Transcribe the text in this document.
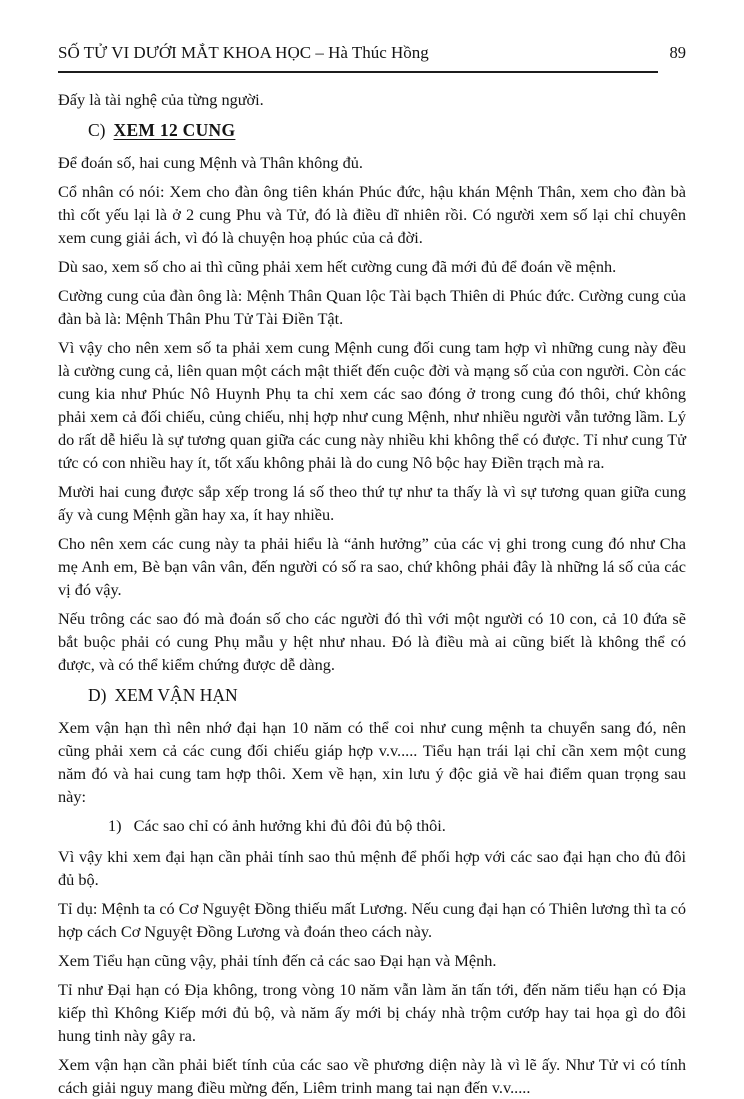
SỐ TỬ VI DƯỚI MẮT KHOA HỌC – Hà Thúc Hồng	89

Đấy là tài nghệ của từng người.

C) XEM 12 CUNG

Để đoán số, hai cung Mệnh và Thân không đủ.

Cổ nhân có nói: Xem cho đàn ông tiên khán Phúc đức, hậu khán Mệnh Thân, xem cho đàn bà thì cốt yếu lại là ở 2 cung Phu và Tử, đó là điều dĩ nhiên rồi. Có người xem số lại chỉ chuyên xem cung giải ách, vì đó là chuyện hoạ phúc của cả đời.

Dù sao, xem số cho ai thì cũng phải xem hết cường cung đã mới đủ để đoán về mệnh.

Cường cung của đàn ông là: Mệnh Thân Quan lộc Tài bạch Thiên di Phúc đức. Cường cung của đàn bà là: Mệnh Thân Phu Tử Tài Điền Tật.

Vì vậy cho nên xem số ta phải xem cung Mệnh cung đối cung tam hợp vì những cung này đều là cường cung cả, liên quan một cách mật thiết đến cuộc đời và mạng số của con người. Còn các cung kia như Phúc Nô Huynh Phụ ta chỉ xem các sao đóng ở trong cung đó thôi, chứ không phải xem cả đối chiếu, củng chiếu, nhị hợp như cung Mệnh, như nhiều người vẫn tưởng lầm. Lý do rất dễ hiểu là sự tương quan giữa các cung này nhiều khi không thể có được. Tỉ như cung Tử tức có con nhiều hay ít, tốt xấu không phải là do cung Nô bộc hay Điền trạch mà ra.

Mười hai cung được sắp xếp trong lá số theo thứ tự như ta thấy là vì sự tương quan giữa cung ấy và cung Mệnh gần hay xa, ít hay nhiều.

Cho nên xem các cung này ta phải hiểu là “ảnh hưởng” của các vị ghi trong cung đó như Cha mẹ Anh em, Bè bạn vân vân, đến người có số ra sao, chứ không phải đây là những lá số của các vị đó vậy.

Nếu trông các sao đó mà đoán số cho các người đó thì với một người có 10 con, cả 10 đứa sẽ bắt buộc phải có cung Phụ mẫu y hệt như nhau. Đó là điều mà ai cũng biết là không thể có được, và có thể kiểm chứng được dễ dàng.

D) XEM VẬN HẠN

Xem vận hạn thì nên nhớ đại hạn 10 năm có thể coi như cung mệnh ta chuyển sang đó, nên cũng phải xem cả các cung đối chiếu giáp hợp v.v..... Tiểu hạn trái lại chỉ cần xem một cung năm đó và hai cung tam hợp thôi. Xem về hạn, xin lưu ý độc giả về hai điểm quan trọng sau này:

1) Các sao chỉ có ảnh hưởng khi đủ đôi đủ bộ thôi.

Vì vậy khi xem đại hạn cần phải tính sao thủ mệnh để phối hợp với các sao đại hạn cho đủ đôi đủ bộ.

Tỉ dụ: Mệnh ta có Cơ Nguyệt Đồng thiếu mất Lương. Nếu cung đại hạn có Thiên lương thì ta có hợp cách Cơ Nguyệt Đồng Lương và đoán theo cách này.

Xem Tiểu hạn cũng vậy, phải tính đến cả các sao Đại hạn và Mệnh.

Tỉ như Đại hạn có Địa không, trong vòng 10 năm vẫn làm ăn tấn tới, đến năm tiểu hạn có Địa kiếp thì Không Kiếp mới đủ bộ, và năm ấy mới bị cháy nhà trộm cướp hay tai họa gì do đôi hung tinh này gây ra.

Xem vận hạn cần phải biết tính của các sao về phương diện này là vì lẽ ấy. Như Tử vi có tính cách giải nguy mang điều mừng đến, Liêm trinh mang tai nạn đến v.v.....
